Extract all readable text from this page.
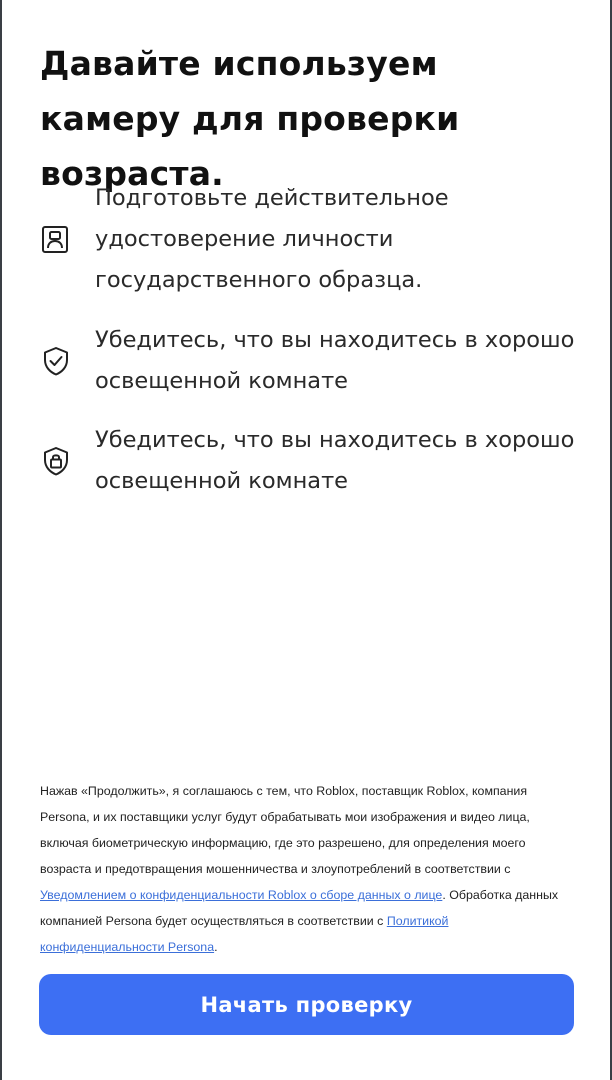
Давайте используем камеру для проверки возраста.
Подготовьте действительное удостоверение личности государственного образца.
Убедитесь, что вы находитесь в хорошо освещенной комнате
Убедитесь, что вы находитесь в хорошо освещенной комнате

Нажав «Продолжить», я соглашаюсь с тем, что Roblox, поставщик Roblox, компания Persona, и их поставщики услуг будут обрабатывать мои изображения и видео лица, включая биометрическую информацию, где это разрешено, для определения моего возраста и предотвращения мошенничества и злоупотреблений в соответствии с Уведомлением о конфиденциальности Roblox о сборе данных о лице. Обработка данных компанией Persona будет осуществляться в соответствии с Политикой конфиденциальности Persona.

Начать проверку
